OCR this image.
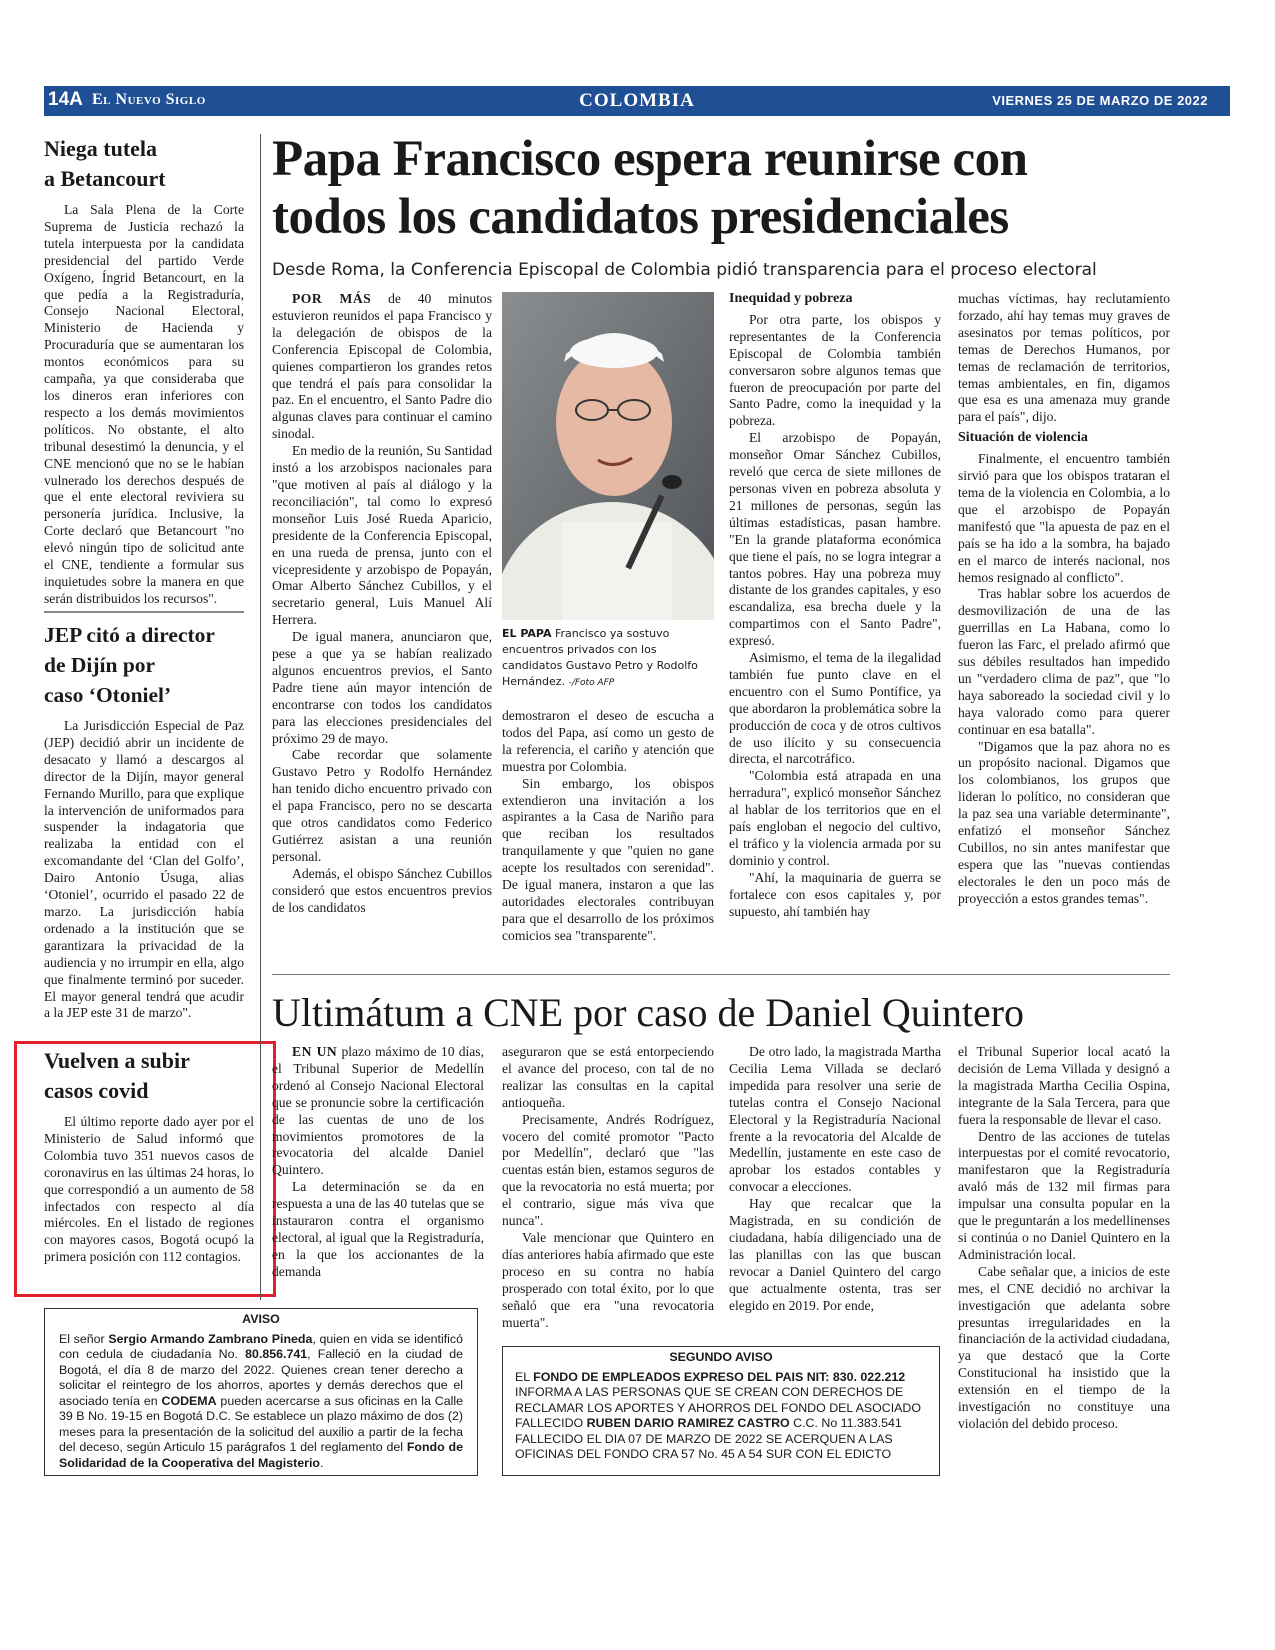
14A El Nuevo Siglo	COLOMBIA	VIERNES 25 DE MARZO DE 2022
Niega tutela
a Betancourt

La Sala Plena de la Corte Suprema de Justicia rechazó la tutela interpuesta por la candidata presidencial del partido Verde Oxígeno, Íngrid Betancourt, en la que pedía a la Registraduría, Consejo Nacional Electoral, Ministerio de Hacienda y Procuraduría que se aumentaran los montos económicos para su campaña, ya que consideraba que los dineros eran inferiores con respecto a los demás movimientos políticos. No obstante, el alto tribunal desestimó la denuncia, y el CNE mencionó que no se le habían vulnerado los derechos después de que el ente electoral reviviera su personería jurídica. Inclusive, la Corte declaró que Betancourt "no elevó ningún tipo de solicitud ante el CNE, tendiente a formular sus inquietudes sobre la manera en que serán distribuidos los recursos".

JEP citó a director
de Dijín por
caso ‘Otoniel’

La Jurisdicción Especial de Paz (JEP) decidió abrir un incidente de desacato y llamó a descargos al director de la Dijín, mayor general Fernando Murillo, para que explique la intervención de uniformados para suspender la indagatoria que realizaba la entidad con el excomandante del ‘Clan del Golfo’, Dairo Antonio Úsuga, alias ‘Otoniel’, ocurrido el pasado 22 de marzo. La jurisdicción había ordenado a la institución que se garantizara la privacidad de la audiencia y no irrumpir en ella, algo que finalmente terminó por suceder. El mayor general tendrá que acudir a la JEP este 31 de marzo".

Vuelven a subir
casos covid

El último reporte dado ayer por el Ministerio de Salud informó que Colombia tuvo 351 nuevos casos de coronavirus en las últimas 24 horas, lo que correspondió a un aumento de 58 infectados con respecto al día miércoles. En el listado de regiones con mayores casos, Bogotá ocupó la primera posición con 112 contagios.

Papa Francisco espera reunirse con
todos los candidatos presidenciales
Desde Roma, la Conferencia Episcopal de Colombia pidió transparencia para el proceso electoral

POR MÁS de 40 minutos estuvieron reunidos el papa Francisco y la delegación de obispos de la Conferencia Episcopal de Colombia, quienes compartieron los grandes retos que tendrá el país para consolidar la paz. En el encuentro, el Santo Padre dio algunas claves para continuar el camino sinodal.

En medio de la reunión, Su Santidad instó a los arzobispos nacionales para "que motiven al país al diálogo y la reconciliación", tal como lo expresó monseñor Luis José Rueda Aparicio, presidente de la Conferencia Episcopal, en una rueda de prensa, junto con el vicepresidente y arzobispo de Popayán, Omar Alberto Sánchez Cubillos, y el secretario general, Luis Manuel Alí Herrera.

De igual manera, anunciaron que, pese a que ya se habían realizado algunos encuentros previos, el Santo Padre tiene aún mayor intención de encontrarse con todos los candidatos para las elecciones presidenciales del próximo 29 de mayo.

Cabe recordar que solamente Gustavo Petro y Rodolfo Hernández han tenido dicho encuentro privado con el papa Francisco, pero no se descarta que otros candidatos como Federico Gutiérrez asistan a una reunión personal.

Además, el obispo Sánchez Cubillos consideró que estos encuentros previos de los candidatos

EL PAPA Francisco ya sostuvo encuentros privados con los candidatos Gustavo Petro y Rodolfo Hernández. -/Foto AFP

demostraron el deseo de escucha a todos del Papa, así como un gesto de la referencia, el cariño y atención que muestra por Colombia.

Sin embargo, los obispos extendieron una invitación a los aspirantes a la Casa de Nariño para que reciban los resultados tranquilamente y que "quien no gane acepte los resultados con serenidad". De igual manera, instaron a que las autoridades electorales contribuyan para que el desarrollo de los próximos comicios sea "transparente".

Inequidad y pobreza

Por otra parte, los obispos y representantes de la Conferencia Episcopal de Colombia también conversaron sobre algunos temas que fueron de preocupación por parte del Santo Padre, como la inequidad y la pobreza.

El arzobispo de Popayán, monseñor Omar Sánchez Cubillos, reveló que cerca de siete millones de personas viven en pobreza absoluta y 21 millones de personas, según las últimas estadísticas, pasan hambre. "En la grande plataforma económica que tiene el país, no se logra integrar a tantos pobres. Hay una pobreza muy distante de los grandes capitales, y eso escandaliza, esa brecha duele y la compartimos con el Santo Padre", expresó.

Asimismo, el tema de la ilegalidad también fue punto clave en el encuentro con el Sumo Pontífice, ya que abordaron la problemática sobre la producción de coca y de otros cultivos de uso ilícito y su consecuencia directa, el narcotráfico.

"Colombia está atrapada en una herradura", explicó monseñor Sánchez al hablar de los territorios que en el país engloban el negocio del cultivo, el tráfico y la violencia armada por su dominio y control.

"Ahí, la maquinaria de guerra se fortalece con esos capitales y, por supuesto, ahí también hay

muchas víctimas, hay reclutamiento forzado, ahí hay temas muy graves de asesinatos por temas políticos, por temas de Derechos Humanos, por temas de reclamación de territorios, temas ambientales, en fin, digamos que esa es una amenaza muy grande para el país", dijo.

Situación de violencia

Finalmente, el encuentro también sirvió para que los obispos trataran el tema de la violencia en Colombia, a lo que el arzobispo de Popayán manifestó que "la apuesta de paz en el país se ha ido a la sombra, ha bajado en el marco de interés nacional, nos hemos resignado al conflicto".

Tras hablar sobre los acuerdos de desmovilización de una de las guerrillas en La Habana, como lo fueron las Farc, el prelado afirmó que sus débiles resultados han impedido un "verdadero clima de paz", que "lo haya saboreado la sociedad civil y lo haya valorado como para querer continuar en esa batalla".

"Digamos que la paz ahora no es un propósito nacional. Digamos que los colombianos, los grupos que lideran lo político, no consideran que la paz sea una variable determinante", enfatizó el monseñor Sánchez Cubillos, no sin antes manifestar que espera que las "nuevas contiendas electorales le den un poco más de proyección a estos grandes temas".

Ultimátum a CNE por caso de Daniel Quintero

EN UN plazo máximo de 10 días, el Tribunal Superior de Medellín ordenó al Consejo Nacional Electoral que se pronuncie sobre la certificación de las cuentas de uno de los movimientos promotores de la revocatoria del alcalde Daniel Quintero.

La determinación se da en respuesta a una de las 40 tutelas que se instauraron contra el organismo electoral, al igual que la Registraduría, en la que los accionantes de la demanda

aseguraron que se está entorpeciendo el avance del proceso, con tal de no realizar las consultas en la capital antioqueña.

Precisamente, Andrés Rodríguez, vocero del comité promotor "Pacto por Medellín", declaró que "las cuentas están bien, estamos seguros de que la revocatoria no está muerta; por el contrario, sigue más viva que nunca".

Vale mencionar que Quintero en días anteriores había afirmado que este proceso en su contra no había prosperado con total éxito, por lo que señaló que era "una revocatoria muerta".

De otro lado, la magistrada Martha Cecilia Lema Villada se declaró impedida para resolver una serie de tutelas contra el Consejo Nacional Electoral y la Registraduría Nacional frente a la revocatoria del Alcalde de Medellín, justamente en este caso de aprobar los estados contables y convocar a elecciones.

Hay que recalcar que la Magistrada, en su condición de ciudadana, había diligenciado una de las planillas con las que buscan revocar a Daniel Quintero del cargo que actualmente ostenta, tras ser elegido en 2019. Por ende,

el Tribunal Superior local acató la decisión de Lema Villada y designó a la magistrada Martha Cecilia Ospina, integrante de la Sala Tercera, para que fuera la responsable de llevar el caso.

Dentro de las acciones de tutelas interpuestas por el comité revocatorio, manifestaron que la Registraduría avaló más de 132 mil firmas para impulsar una consulta popular en la que le preguntarán a los medellinenses si continúa o no Daniel Quintero en la Administración local.

Cabe señalar que, a inicios de este mes, el CNE decidió no archivar la investigación que adelanta sobre presuntas irregularidades en la financiación de la actividad ciudadana, ya que destacó que la Corte Constitucional ha insistido que la extensión en el tiempo de la investigación no constituye una violación del debido proceso.

AVISO
El señor Sergio Armando Zambrano Pineda, quien en vida se identificó con cedula de ciudadanía No. 80.856.741, Falleció en la ciudad de Bogotá, el día 8 de marzo del 2022. Quienes crean tener derecho a solicitar el reintegro de los ahorros, aportes y demás derechos que el asociado tenía en CODEMA pueden acercarse a sus oficinas en la Calle 39 B No. 19-15 en Bogotá D.C. Se establece un plazo máximo de dos (2) meses para la presentación de la solicitud del auxilio a partir de la fecha del deceso, según Articulo 15 parágrafos 1 del reglamento del Fondo de Solidaridad de la Cooperativa del Magisterio.
SEGUNDO AVISO
EL FONDO DE EMPLEADOS EXPRESO DEL PAIS NIT: 830. 022.212 INFORMA A LAS PERSONAS QUE SE CREAN CON DERECHOS DE RECLAMAR LOS APORTES Y AHORROS DEL FONDO DEL ASOCIADO FALLECIDO RUBEN DARIO RAMIREZ CASTRO C.C. No 11.383.541 FALLECIDO EL DIA 07 DE MARZO DE 2022 SE ACERQUEN A LAS OFICINAS DEL FONDO CRA 57 No. 45 A 54 SUR CON EL EDICTO
